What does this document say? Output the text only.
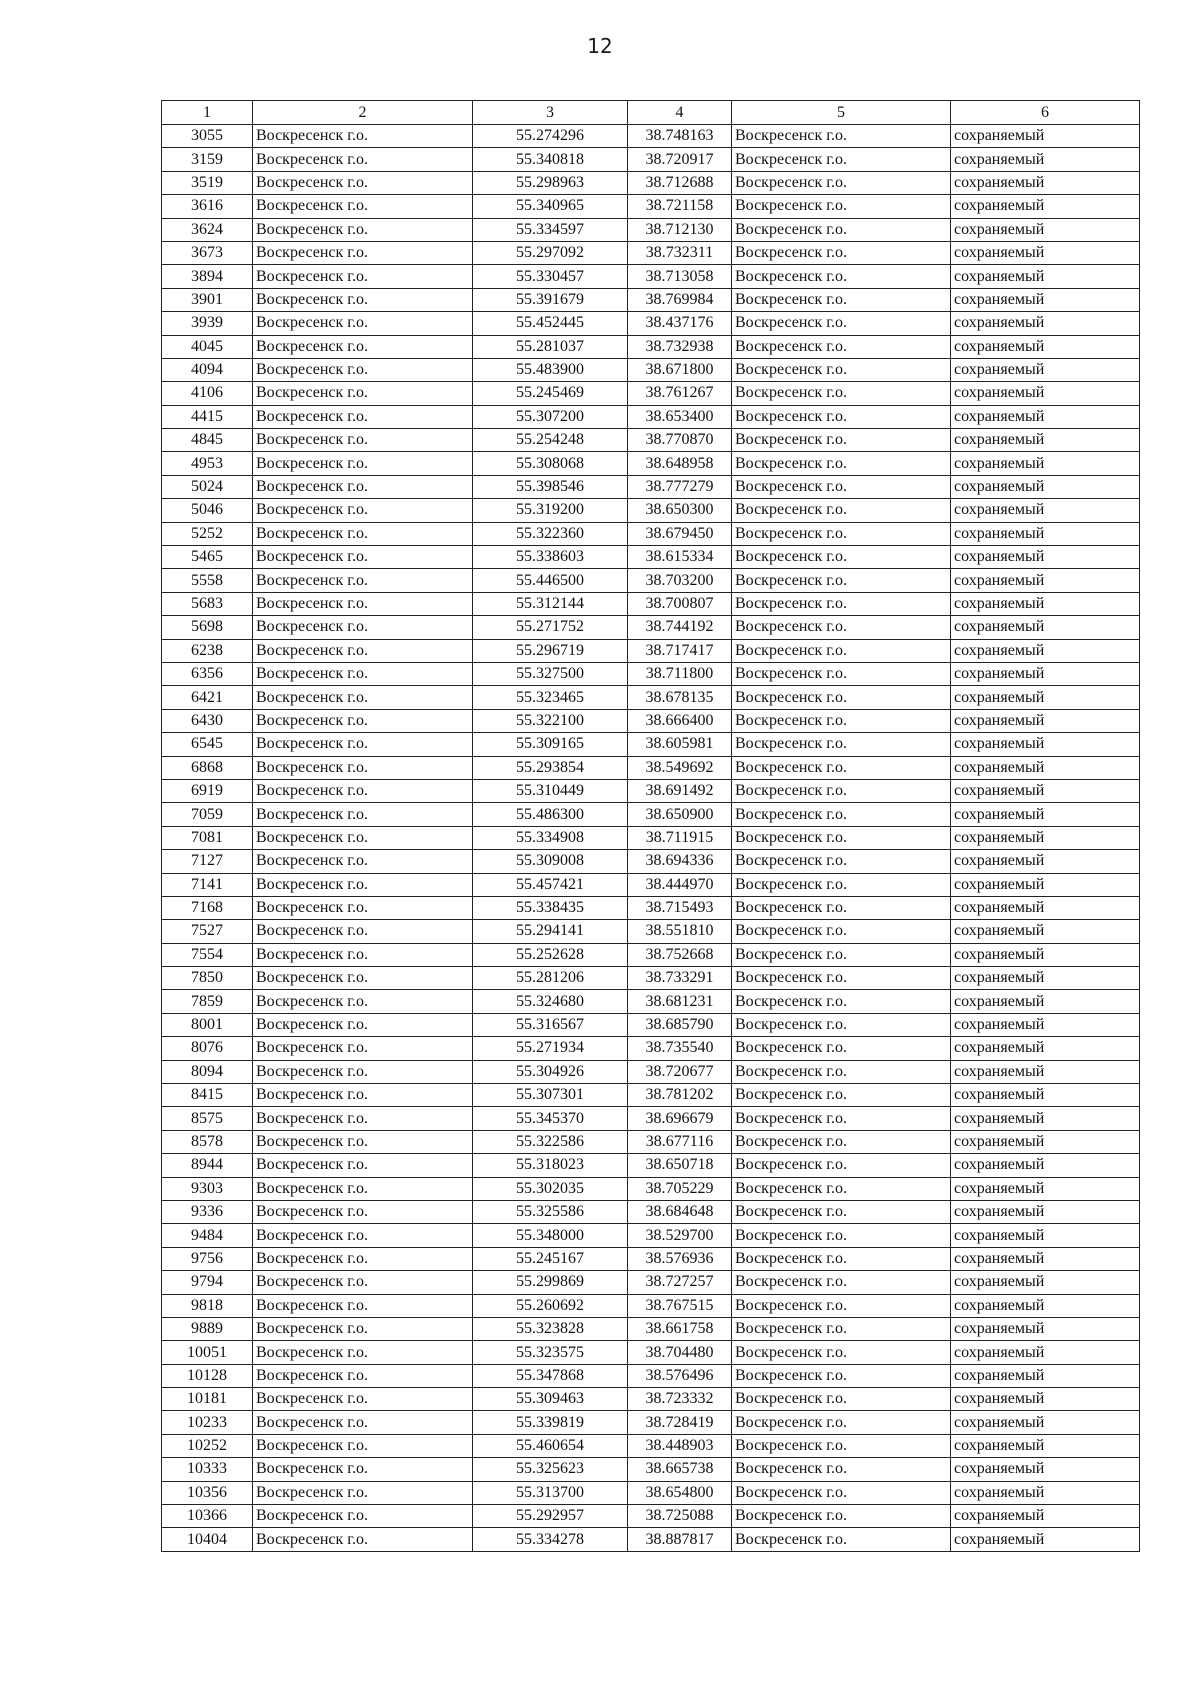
12
1	2	3	4	5	6
3055	Воскресенск г.о.	55.274296	38.748163	Воскресенск г.о.	сохраняемый
3159	Воскресенск г.о.	55.340818	38.720917	Воскресенск г.о.	сохраняемый
3519	Воскресенск г.о.	55.298963	38.712688	Воскресенск г.о.	сохраняемый
3616	Воскресенск г.о.	55.340965	38.721158	Воскресенск г.о.	сохраняемый
3624	Воскресенск г.о.	55.334597	38.712130	Воскресенск г.о.	сохраняемый
3673	Воскресенск г.о.	55.297092	38.732311	Воскресенск г.о.	сохраняемый
3894	Воскресенск г.о.	55.330457	38.713058	Воскресенск г.о.	сохраняемый
3901	Воскресенск г.о.	55.391679	38.769984	Воскресенск г.о.	сохраняемый
3939	Воскресенск г.о.	55.452445	38.437176	Воскресенск г.о.	сохраняемый
4045	Воскресенск г.о.	55.281037	38.732938	Воскресенск г.о.	сохраняемый
4094	Воскресенск г.о.	55.483900	38.671800	Воскресенск г.о.	сохраняемый
4106	Воскресенск г.о.	55.245469	38.761267	Воскресенск г.о.	сохраняемый
4415	Воскресенск г.о.	55.307200	38.653400	Воскресенск г.о.	сохраняемый
4845	Воскресенск г.о.	55.254248	38.770870	Воскресенск г.о.	сохраняемый
4953	Воскресенск г.о.	55.308068	38.648958	Воскресенск г.о.	сохраняемый
5024	Воскресенск г.о.	55.398546	38.777279	Воскресенск г.о.	сохраняемый
5046	Воскресенск г.о.	55.319200	38.650300	Воскресенск г.о.	сохраняемый
5252	Воскресенск г.о.	55.322360	38.679450	Воскресенск г.о.	сохраняемый
5465	Воскресенск г.о.	55.338603	38.615334	Воскресенск г.о.	сохраняемый
5558	Воскресенск г.о.	55.446500	38.703200	Воскресенск г.о.	сохраняемый
5683	Воскресенск г.о.	55.312144	38.700807	Воскресенск г.о.	сохраняемый
5698	Воскресенск г.о.	55.271752	38.744192	Воскресенск г.о.	сохраняемый
6238	Воскресенск г.о.	55.296719	38.717417	Воскресенск г.о.	сохраняемый
6356	Воскресенск г.о.	55.327500	38.711800	Воскресенск г.о.	сохраняемый
6421	Воскресенск г.о.	55.323465	38.678135	Воскресенск г.о.	сохраняемый
6430	Воскресенск г.о.	55.322100	38.666400	Воскресенск г.о.	сохраняемый
6545	Воскресенск г.о.	55.309165	38.605981	Воскресенск г.о.	сохраняемый
6868	Воскресенск г.о.	55.293854	38.549692	Воскресенск г.о.	сохраняемый
6919	Воскресенск г.о.	55.310449	38.691492	Воскресенск г.о.	сохраняемый
7059	Воскресенск г.о.	55.486300	38.650900	Воскресенск г.о.	сохраняемый
7081	Воскресенск г.о.	55.334908	38.711915	Воскресенск г.о.	сохраняемый
7127	Воскресенск г.о.	55.309008	38.694336	Воскресенск г.о.	сохраняемый
7141	Воскресенск г.о.	55.457421	38.444970	Воскресенск г.о.	сохраняемый
7168	Воскресенск г.о.	55.338435	38.715493	Воскресенск г.о.	сохраняемый
7527	Воскресенск г.о.	55.294141	38.551810	Воскресенск г.о.	сохраняемый
7554	Воскресенск г.о.	55.252628	38.752668	Воскресенск г.о.	сохраняемый
7850	Воскресенск г.о.	55.281206	38.733291	Воскресенск г.о.	сохраняемый
7859	Воскресенск г.о.	55.324680	38.681231	Воскресенск г.о.	сохраняемый
8001	Воскресенск г.о.	55.316567	38.685790	Воскресенск г.о.	сохраняемый
8076	Воскресенск г.о.	55.271934	38.735540	Воскресенск г.о.	сохраняемый
8094	Воскресенск г.о.	55.304926	38.720677	Воскресенск г.о.	сохраняемый
8415	Воскресенск г.о.	55.307301	38.781202	Воскресенск г.о.	сохраняемый
8575	Воскресенск г.о.	55.345370	38.696679	Воскресенск г.о.	сохраняемый
8578	Воскресенск г.о.	55.322586	38.677116	Воскресенск г.о.	сохраняемый
8944	Воскресенск г.о.	55.318023	38.650718	Воскресенск г.о.	сохраняемый
9303	Воскресенск г.о.	55.302035	38.705229	Воскресенск г.о.	сохраняемый
9336	Воскресенск г.о.	55.325586	38.684648	Воскресенск г.о.	сохраняемый
9484	Воскресенск г.о.	55.348000	38.529700	Воскресенск г.о.	сохраняемый
9756	Воскресенск г.о.	55.245167	38.576936	Воскресенск г.о.	сохраняемый
9794	Воскресенск г.о.	55.299869	38.727257	Воскресенск г.о.	сохраняемый
9818	Воскресенск г.о.	55.260692	38.767515	Воскресенск г.о.	сохраняемый
9889	Воскресенск г.о.	55.323828	38.661758	Воскресенск г.о.	сохраняемый
10051	Воскресенск г.о.	55.323575	38.704480	Воскресенск г.о.	сохраняемый
10128	Воскресенск г.о.	55.347868	38.576496	Воскресенск г.о.	сохраняемый
10181	Воскресенск г.о.	55.309463	38.723332	Воскресенск г.о.	сохраняемый
10233	Воскресенск г.о.	55.339819	38.728419	Воскресенск г.о.	сохраняемый
10252	Воскресенск г.о.	55.460654	38.448903	Воскресенск г.о.	сохраняемый
10333	Воскресенск г.о.	55.325623	38.665738	Воскресенск г.о.	сохраняемый
10356	Воскресенск г.о.	55.313700	38.654800	Воскресенск г.о.	сохраняемый
10366	Воскресенск г.о.	55.292957	38.725088	Воскресенск г.о.	сохраняемый
10404	Воскресенск г.о.	55.334278	38.887817	Воскресенск г.о.	сохраняемый
